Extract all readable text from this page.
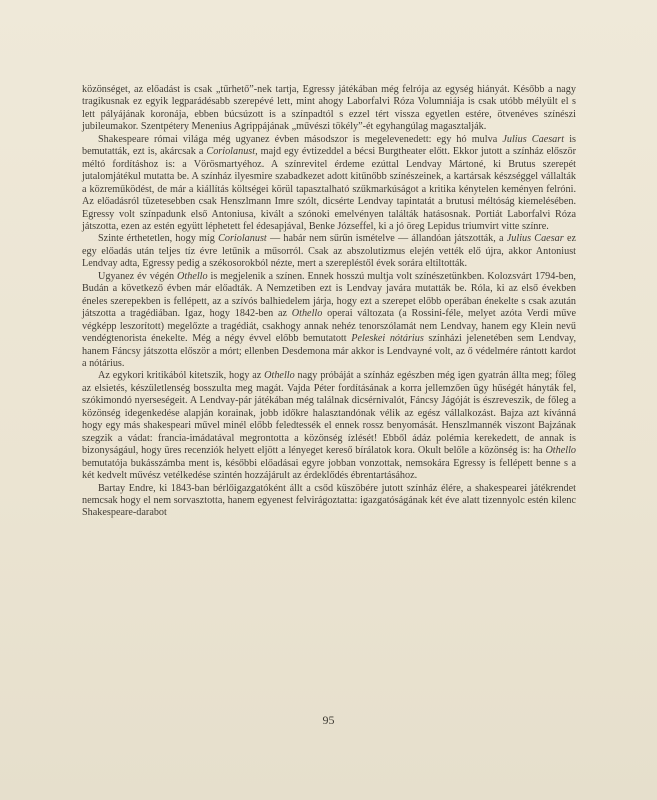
közönséget, az előadást is csak „tűrhető”-nek tartja, Egressy játékában még felrója az egység hiányát. Később a nagy tragikusnak ez egyik legparádésabb szerepévé lett, mint ahogy Laborfalvi Róza Volumniája is csak utóbb mélyült el s lett pályájának koronája, ebben búcsúzott is a színpadtól s ezzel tért vissza egyetlen estére, ötvenéves színészi jubileumakor. Szentpétery Menenius Agrippájának „művészi tökély”-ét egyhangúlag magasztalják.

Shakespeare római világa még ugyanez évben másodszor is megelevenedett: egy hó mulva Julius Caesart is bemutatták, ezt is, akárcsak a Coriolanust, majd egy évtizeddel a bécsi Burgtheater előtt. Ekkor jutott a színház először méltó fordításhoz is: a Vörösmartyéhoz. A színrevitel érdeme ezúttal Lendvay Mártoné, ki Brutus szerepét jutalomjátékul mutatta be. A színház ilyesmire szabadkezet adott kitűnőbb színészeinek, a kartársak készséggel vállalták a közreműködést, de már a kiállítás költségei körül tapasztalható szűkmarkúságot a kritika kénytelen keményen felróni. Az előadásról tüzetesebben csak Henszlmann Imre szólt, dicsérte Lendvay tapintatát a brutusi méltóság kiemelésében. Egressy volt színpadunk első Antoniusa, kivált a szónoki emelvényen találták hatásosnak. Portiát Laborfalvi Róza játszotta, ezen az estén együtt léphetett fel édesapjával, Benke Józseffel, ki a jó öreg Lepidus triumvirt vitte színre.

Szinte érthetetlen, hogy míg Coriolanust — habár nem sűrűn ismételve — állandóan játszották, a Julius Caesar ez egy előadás után teljes tíz évre letűnik a műsorról. Csak az abszolutizmus elején vették elő újra, akkor Antoniust Lendvay adta, Egressy pedig a székosorokból nézte, mert a szerepléstől évek sorára eltiltották.

Ugyanez év végén Othello is megjelenik a színen. Ennek hosszú multja volt színészetünkben. Kolozsvárt 1794-ben, Budán a következő évben már előadták. A Nemzetiben ezt is Lendvay javára mutatták be. Róla, ki az első években éneles szerepekben is fellépett, az a szívós balhiedelem járja, hogy ezt a szerepet előbb operában énekelte s csak azután játszotta a tragédiában. Igaz, hogy 1842-ben az Othello operai változata (a Rossini-féle, melyet azóta Verdi műve végképp leszorított) megelőzte a tragédiát, csakhogy annak nehéz tenorszólamát nem Lendvay, hanem egy Klein nevű vendégtenorista énekelte. Még a négy évvel előbb bemutatott Peleskei nótárius színházi jelenetében sem Lendvay, hanem Fáncsy játszotta először a mórt; ellenben Desdemona már akkor is Lendvayné volt, az ő védelmére rántott kardot a nótárius.

Az egykori kritikából kitetszik, hogy az Othello nagy próbáját a színház egészben még igen gyatrán állta meg; főleg az elsietés, készületlenség bosszulta meg magát. Vajda Péter fordításának a korra jellemzően ügy hűségét hányták fel, szókimondó nyerseségeit. A Lendvay-pár játékában még találnak dicsérnivalót, Fáncsy Jágóját is észreveszik, de főleg a közönség idegenkedése alapján korainak, jobb időkre halasztandónak vélik az egész vállalkozást. Bajza azt kívánná hogy egy más shakespeari művel minél előbb feledtessék el ennek rossz benyomását. Henszlmannék viszont Bajzának szegzik a vádat: francia-imádatával megrontotta a közönség ízlését! Ebből ádáz polémia kerekedett, de annak is bizonyságául, hogy üres recenziók helyett eljött a lényeget kereső bírálatok kora. Okult belőle a közönség is: ha Othello bemutatója bukásszámba ment is, későbbi előadásai egyre jobban vonzottak, nemsokára Egressy is fellépett benne s a két kedvelt művész vetélkedése szintén hozzájárult az érdeklődés ébrentartásához.

Bartay Endre, ki 1843-ban bérlőigazgatóként állt a csőd küszöbére jutott színház élére, a shakespearei játékrendet nemcsak hogy el nem sorvasztotta, hanem egyenest felvirágoztatta: igazgatóságának két éve alatt tizennyolc estén kilenc Shakespeare-darabot

95
